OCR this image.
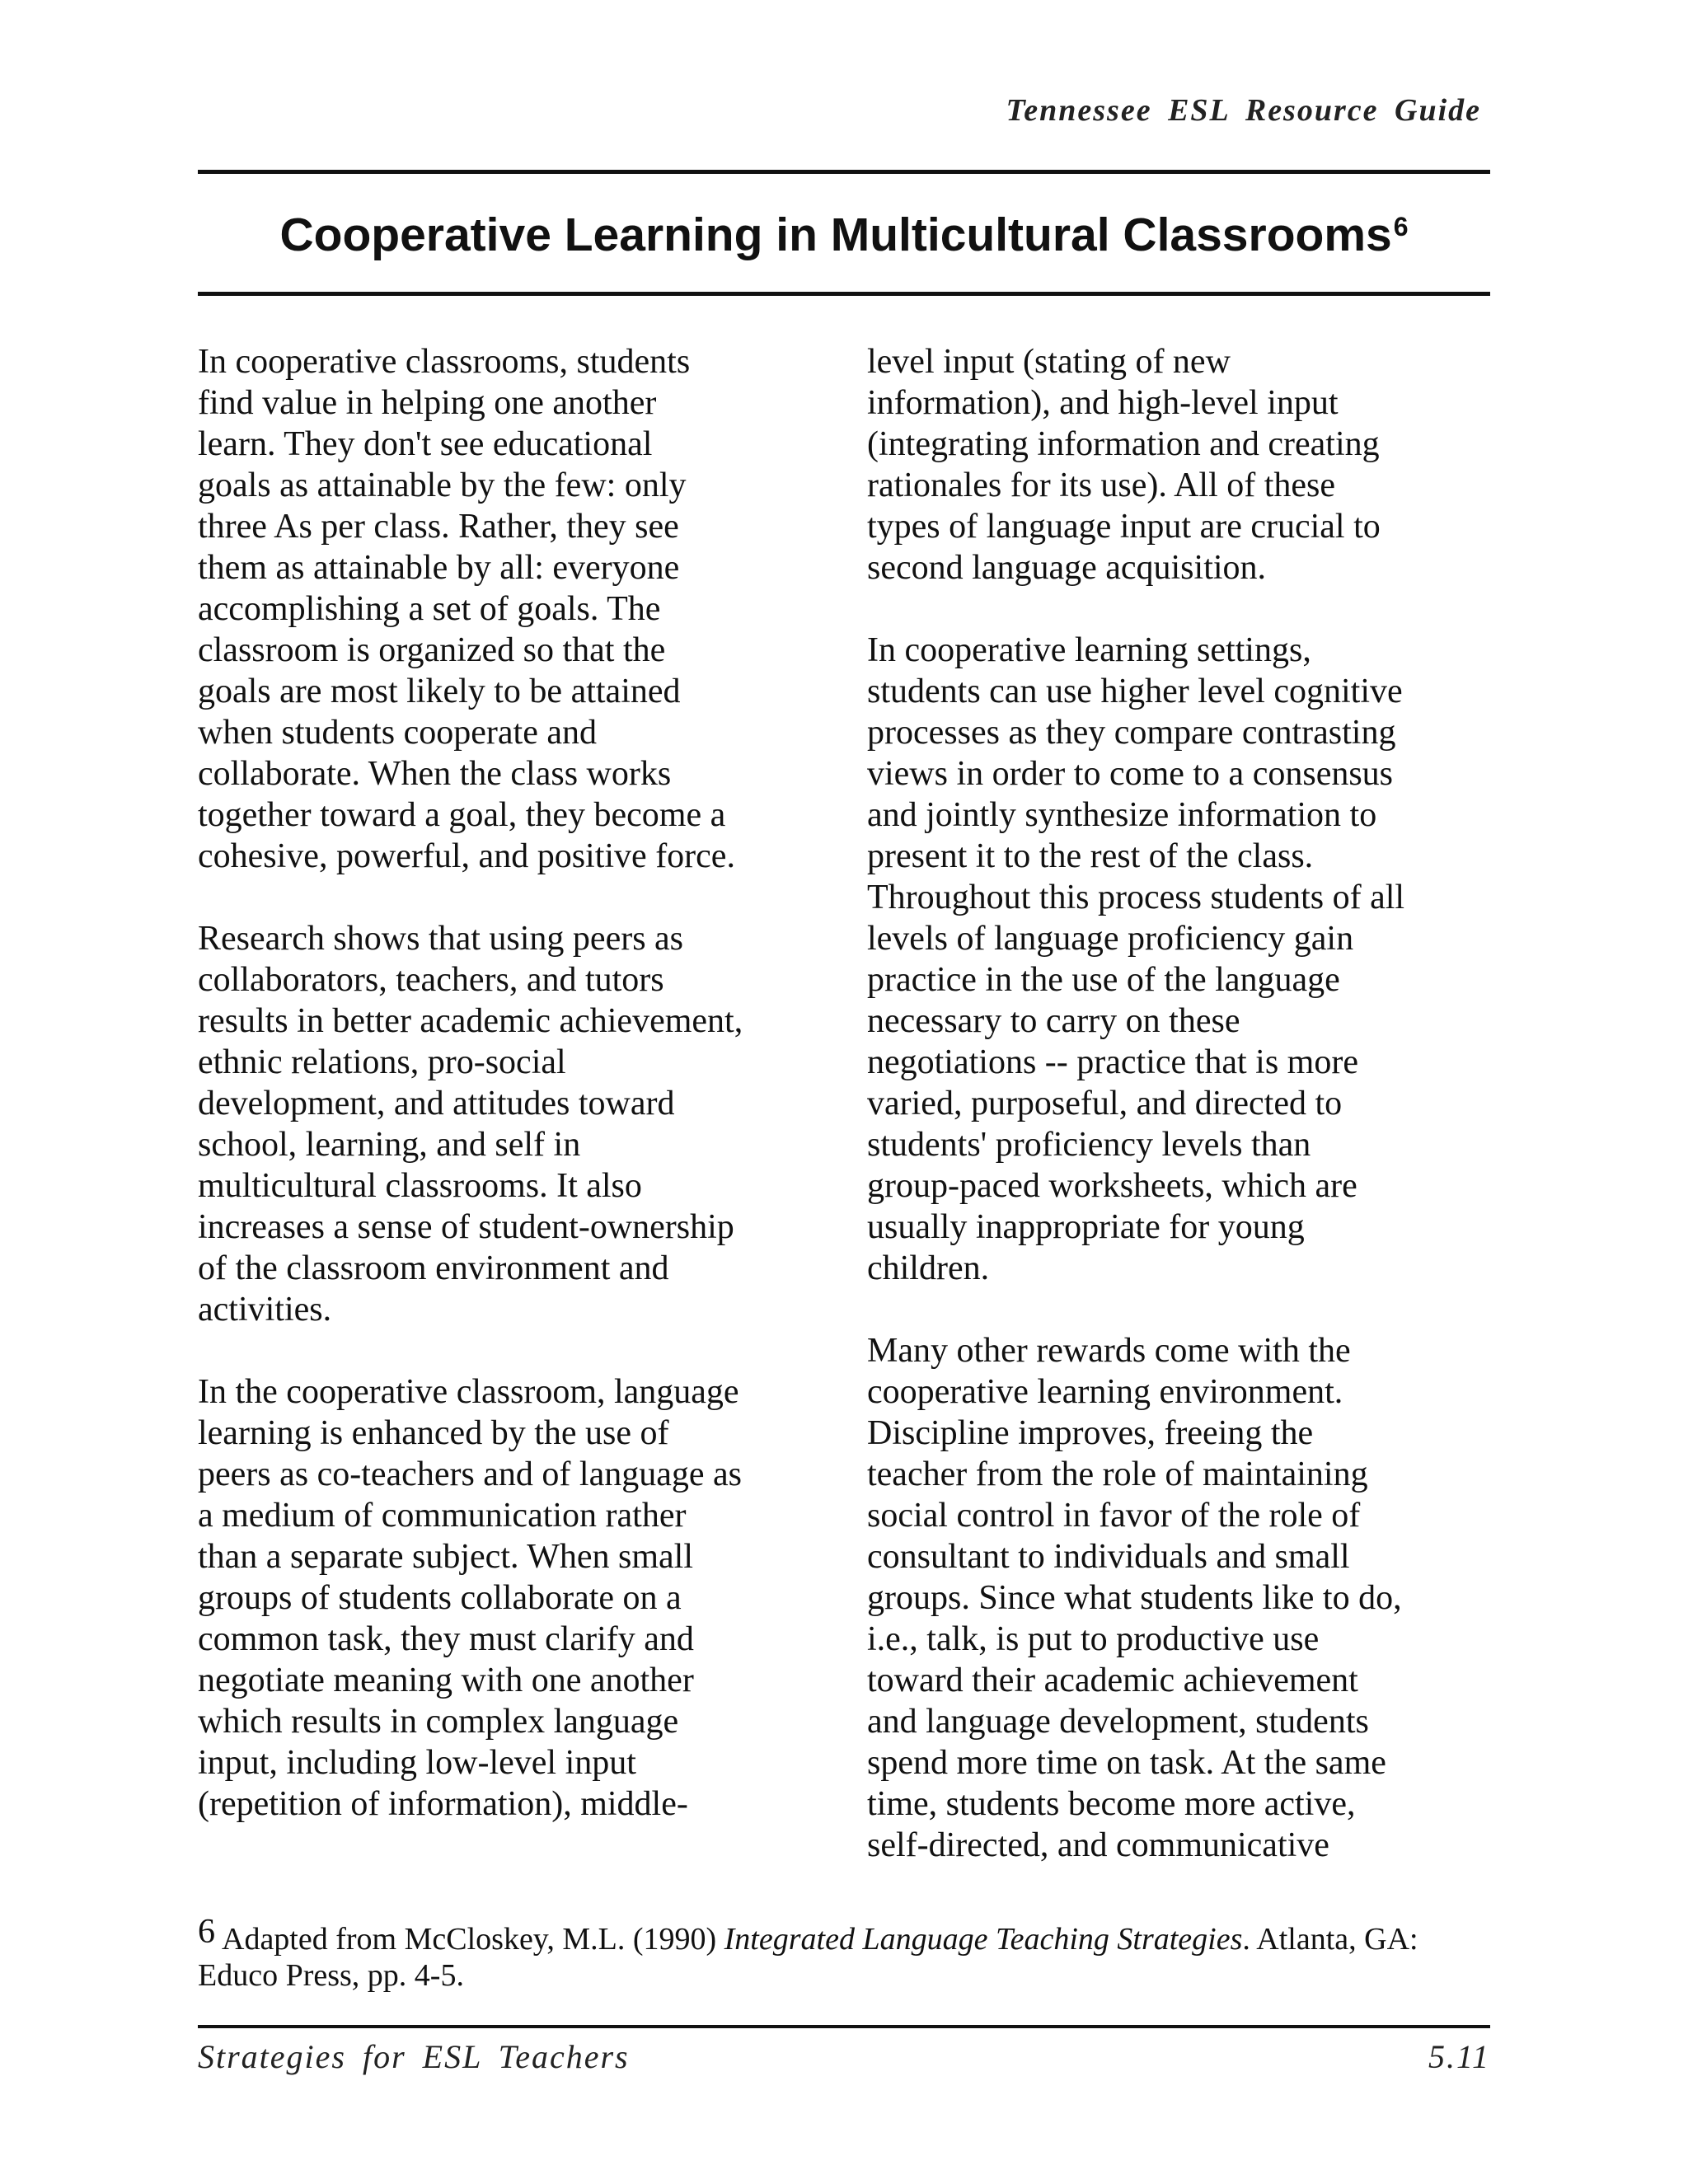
Tennessee ESL Resource Guide
Cooperative Learning in Multicultural Classrooms$^6$

In cooperative classrooms, students
find value in helping one another
learn. They don't see educational
goals as attainable by the few: only
three As per class. Rather, they see
them as attainable by all: everyone
accomplishing a set of goals. The
classroom is organized so that the
goals are most likely to be attained
when students cooperate and
collaborate. When the class works
together toward a goal, they become a
cohesive, powerful, and positive force.

Research shows that using peers as
collaborators, teachers, and tutors
results in better academic achievement,
ethnic relations, pro-social
development, and attitudes toward
school, learning, and self in
multicultural classrooms. It also
increases a sense of student-ownership
of the classroom environment and
activities.

In the cooperative classroom, language
learning is enhanced by the use of
peers as co-teachers and of language as
a medium of communication rather
than a separate subject. When small
groups of students collaborate on a
common task, they must clarify and
negotiate meaning with one another
which results in complex language
input, including low-level input
(repetition of information), middle-

level input (stating of new
information), and high-level input
(integrating information and creating
rationales for its use). All of these
types of language input are crucial to
second language acquisition.

In cooperative learning settings,
students can use higher level cognitive
processes as they compare contrasting
views in order to come to a consensus
and jointly synthesize information to
present it to the rest of the class.
Throughout this process students of all
levels of language proficiency gain
practice in the use of the language
necessary to carry on these
negotiations -- practice that is more
varied, purposeful, and directed to
students' proficiency levels than
group-paced worksheets, which are
usually inappropriate for young
children.

Many other rewards come with the
cooperative learning environment.
Discipline improves, freeing the
teacher from the role of maintaining
social control in favor of the role of
consultant to individuals and small
groups. Since what students like to do,
i.e., talk, is put to productive use
toward their academic achievement
and language development, students
spend more time on task. At the same
time, students become more active,
self-directed, and communicative

6 Adapted from McCloskey, M.L. (1990) Integrated Language Teaching Strategies. Atlanta, GA:
Educo Press, pp. 4-5.
Strategies for ESL Teachers	5.11
